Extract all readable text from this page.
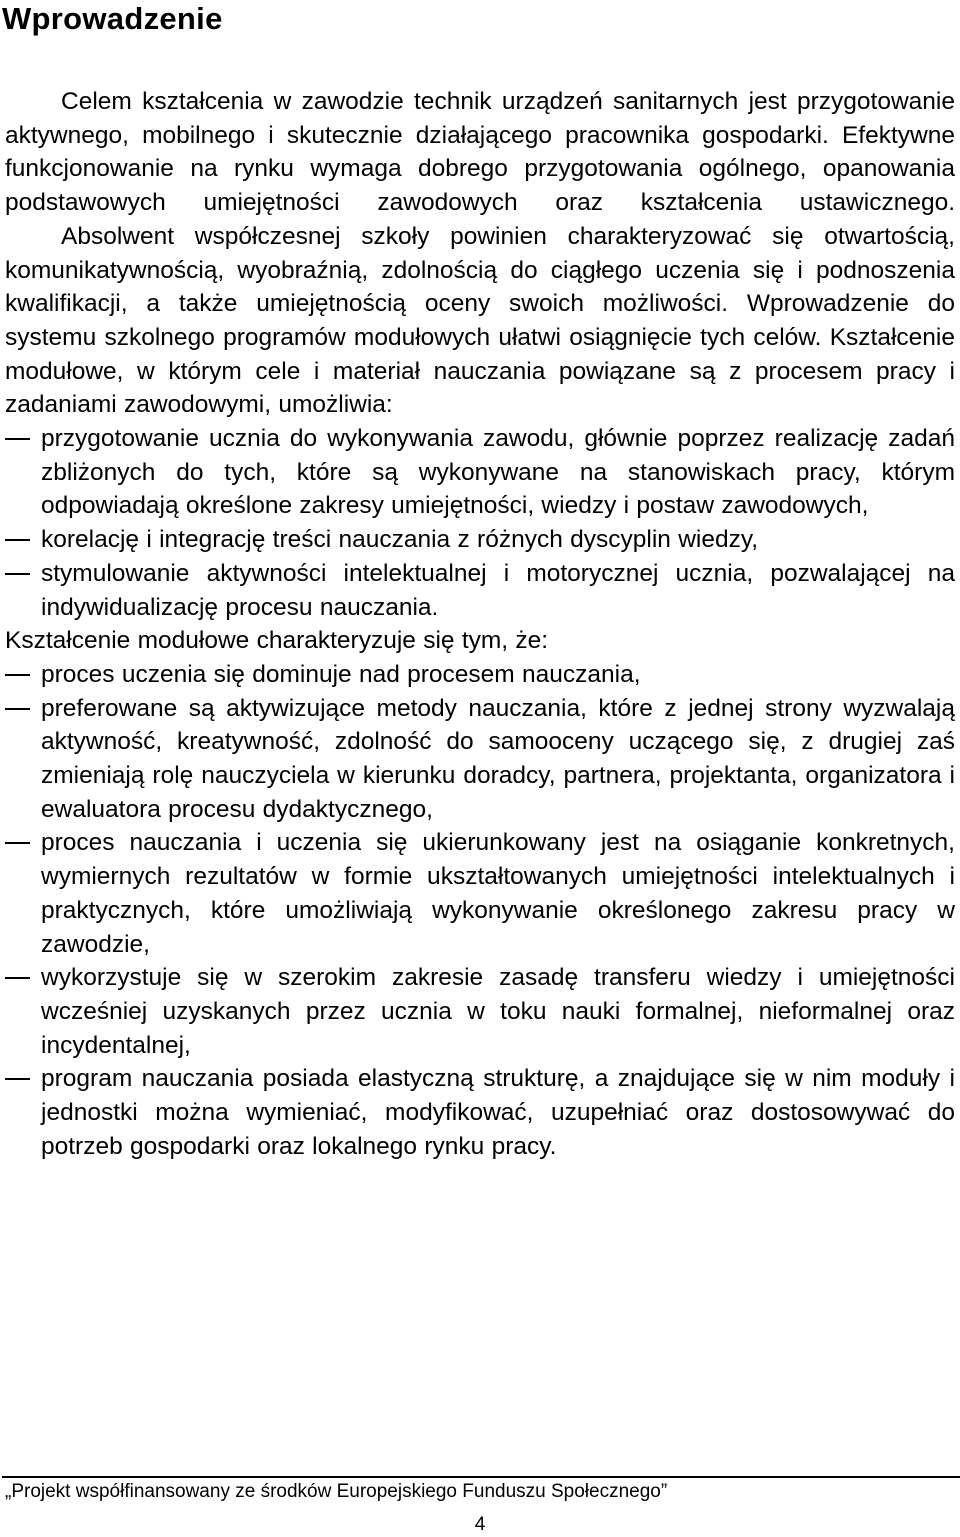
Wprowadzenie

Celem kształcenia w zawodzie technik urządzeń sanitarnych jest przygotowanie aktywnego, mobilnego i skutecznie działającego pracownika gospodarki. Efektywne funkcjonowanie na rynku wymaga dobrego przygotowania ogólnego, opanowania podstawowych umiejętności zawodowych oraz kształcenia ustawicznego. Absolwent współczesnej szkoły powinien charakteryzować się otwartością, komunikatywnością, wyobraźnią, zdolnością do ciągłego uczenia się i podnoszenia kwalifikacji, a także umiejętnością oceny swoich możliwości. Wprowadzenie do systemu szkolnego programów modułowych ułatwi osiągnięcie tych celów. Kształcenie modułowe, w którym cele i materiał nauczania powiązane są z procesem pracy i zadaniami zawodowymi, umożliwia:

przygotowanie ucznia do wykonywania zawodu, głównie poprzez realizację zadań zbliżonych do tych, które są wykonywane na stanowiskach pracy, którym odpowiadają określone zakresy umiejętności, wiedzy i postaw zawodowych,
korelację i integrację treści nauczania z różnych dyscyplin wiedzy,
stymulowanie aktywności intelektualnej i motorycznej ucznia, pozwalającej na indywidualizację procesu nauczania.

Kształcenie modułowe charakteryzuje się tym, że:

proces uczenia się dominuje nad procesem nauczania,
preferowane są aktywizujące metody nauczania, które z jednej strony wyzwalają aktywność, kreatywność, zdolność do samooceny uczącego się, z drugiej zaś zmieniają rolę nauczyciela w kierunku doradcy, partnera, projektanta, organizatora i ewaluatora procesu dydaktycznego,
proces nauczania i uczenia się ukierunkowany jest na osiąganie konkretnych, wymiernych rezultatów w formie ukształtowanych umiejętności intelektualnych i praktycznych, które umożliwiają wykonywanie określonego zakresu pracy w zawodzie,
wykorzystuje się w szerokim zakresie zasadę transferu wiedzy i umiejętności wcześniej uzyskanych przez ucznia w toku nauki formalnej, nieformalnej oraz incydentalnej,
program nauczania posiada elastyczną strukturę, a znajdujące się w nim moduły i jednostki można wymieniać, modyfikować, uzupełniać oraz dostosowywać do potrzeb gospodarki oraz lokalnego rynku pracy.
„Projekt współfinansowany ze środków Europejskiego Funduszu Społecznego”
4
